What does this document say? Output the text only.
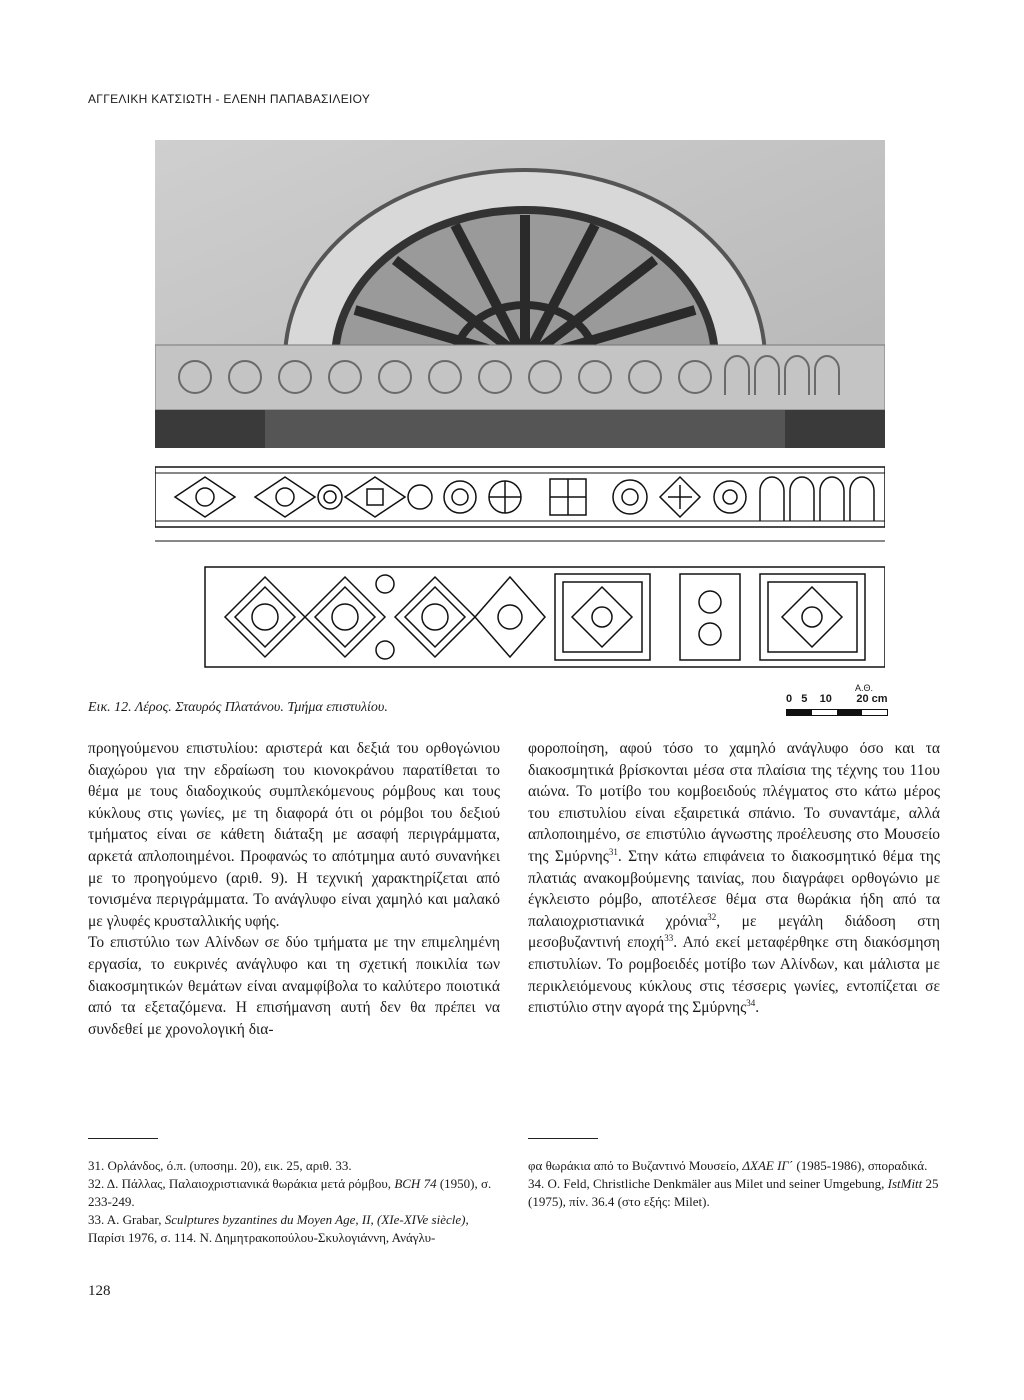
ΑΓΓΕΛΙΚΗ ΚΑΤΣΙΩΤΗ - ΕΛΕΝΗ ΠΑΠΑΒΑΣΙΛΕΙΟΥ
Εικ. 12. Λέρος. Σταυρός Πλατάνου. Τμήμα επιστυλίου.
Α.Θ.
0 5 10 20 cm

προηγούμενου επιστυλίου: αριστερά και δεξιά του ορθογώνιου διαχώρου για την εδραίωση του κιονοκράνου παρατίθεται το θέμα με τους διαδοχικούς συμπλεκόμενους ρόμβους και τους κύκλους στις γωνίες, με τη διαφορά ότι οι ρόμβοι του δεξιού τμήματος είναι σε κάθετη διάταξη με ασαφή περιγράμματα, αρκετά απλοποιημένοι. Προφανώς το απότμημα αυτό συνανήκει με το προηγούμενο (αριθ. 9). Η τεχνική χαρακτηρίζεται από τονισμένα περιγράμματα. Το ανάγλυφο είναι χαμηλό και μαλακό με γλυφές κρυσταλλικής υφής.

Το επιστύλιο των Αλίνδων σε δύο τμήματα με την επιμελημένη εργασία, το ευκρινές ανάγλυφο και τη σχετική ποικιλία των διακοσμητικών θεμάτων είναι αναμφίβολα το καλύτερο ποιοτικά από τα εξεταζόμενα. Η επισήμανση αυτή δεν θα πρέπει να συνδεθεί με χρονολογική δια-

φοροποίηση, αφού τόσο το χαμηλό ανάγλυφο όσο και τα διακοσμητικά βρίσκονται μέσα στα πλαίσια της τέχνης του 11ου αιώνα. Το μοτίβο του κομβοειδούς πλέγματος στο κάτω μέρος του επιστυλίου είναι εξαιρετικά σπάνιο. Το συναντάμε, αλλά απλοποιημένο, σε επιστύλιο άγνωστης προέλευσης στο Μουσείο της Σμύρνης$^{31}$. Στην κάτω επιφάνεια το διακοσμητικό θέμα της πλατιάς ανακομβούμενης ταινίας, που διαγράφει ορθογώνιο με έγκλειστο ρόμβο, αποτέλεσε θέμα στα θωράκια ήδη από τα παλαιοχριστιανικά χρόνια$^{32}$, με μεγάλη διάδοση στη μεσοβυζαντινή εποχή$^{33}$. Από εκεί μεταφέρθηκε στη διακόσμηση επιστυλίων. Το ρομβοειδές μοτίβο των Αλίνδων, και μάλιστα με περικλειόμενους κύκλους στις τέσσερις γωνίες, εντοπίζεται σε επιστύλιο στην αγορά της Σμύρνης$^{34}$.

31. Ορλάνδος, ό.π. (υποσημ. 20), εικ. 25, αριθ. 33.

32. Δ. Πάλλας, Παλαιοχριστιανικά θωράκια μετά ρόμβου, BCH 74 (1950), σ. 233-249.

33. A. Grabar, Sculptures byzantines du Moyen Age, II, (XIe-XIVe siècle), Παρίσι 1976, σ. 114. Ν. Δημητρακοπούλου-Σκυλογιάννη, Ανάγλυ-

φα θωράκια από το Βυζαντινό Μουσείο, ΔΧΑΕ ΙΓ΄ (1985-1986), σποραδικά.

34. O. Feld, Christliche Denkmäler aus Milet und seiner Umgebung, IstMitt 25 (1975), πίν. 36.4 (στο εξής: Milet).

128
